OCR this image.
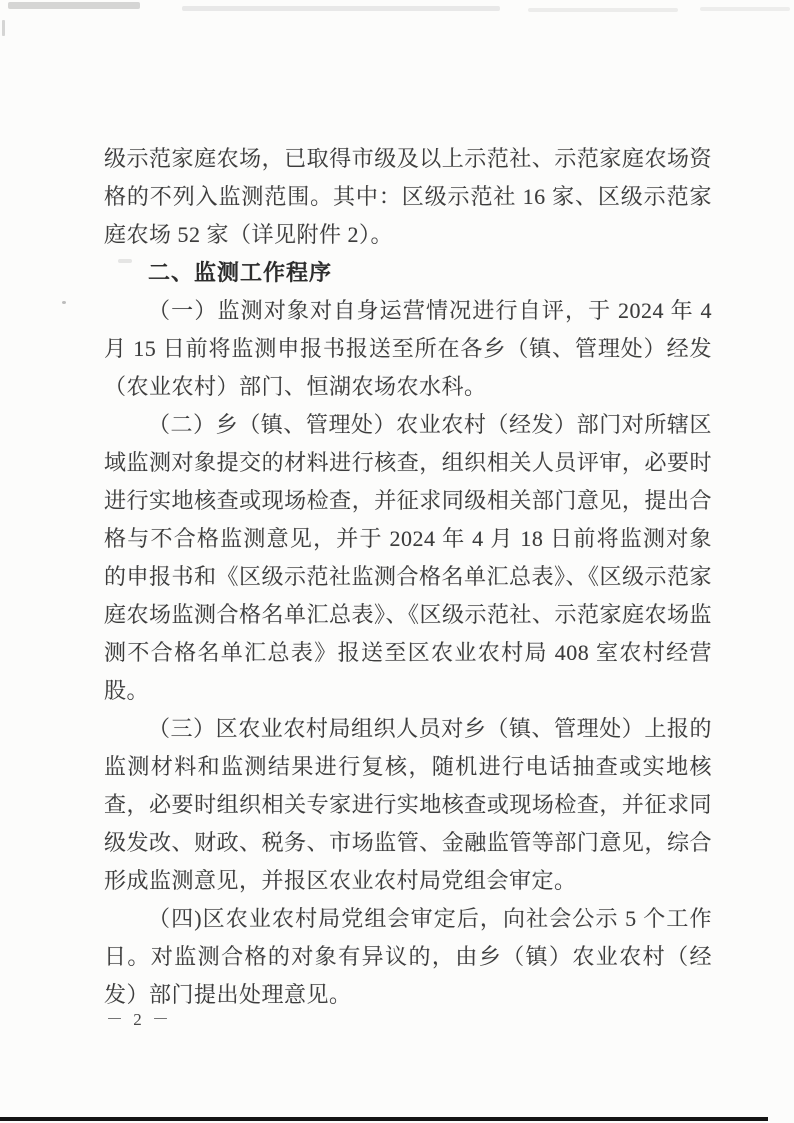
级示范家庭农场，已取得市级及以上示范社、示范家庭农场资格的不列入监测范围。其中：区级示范社 16 家、区级示范家庭农场 52 家（详见附件 2）。

二、监测工作程序

（一）监测对象对自身运营情况进行自评，于 2024 年 4 月 15 日前将监测申报书报送至所在各乡（镇、管理处）经发（农业农村）部门、恒湖农场农水科。

（二）乡（镇、管理处）农业农村（经发）部门对所辖区域监测对象提交的材料进行核查，组织相关人员评审，必要时进行实地核查或现场检查，并征求同级相关部门意见，提出合格与不合格监测意见，并于 2024 年 4 月 18 日前将监测对象的申报书和《区级示范社监测合格名单汇总表》、《区级示范家庭农场监测合格名单汇总表》、《区级示范社、示范家庭农场监测不合格名单汇总表》报送至区农业农村局 408 室农村经营股。

（三）区农业农村局组织人员对乡（镇、管理处）上报的监测材料和监测结果进行复核，随机进行电话抽查或实地核查，必要时组织相关专家进行实地核查或现场检查，并征求同级发改、财政、税务、市场监管、金融监管等部门意见，综合形成监测意见，并报区农业农村局党组会审定。

（四)区农业农村局党组会审定后，向社会公示 5 个工作日。对监测合格的对象有异议的，由乡（镇）农业农村（经发）部门提出处理意见。

－ 2 －
